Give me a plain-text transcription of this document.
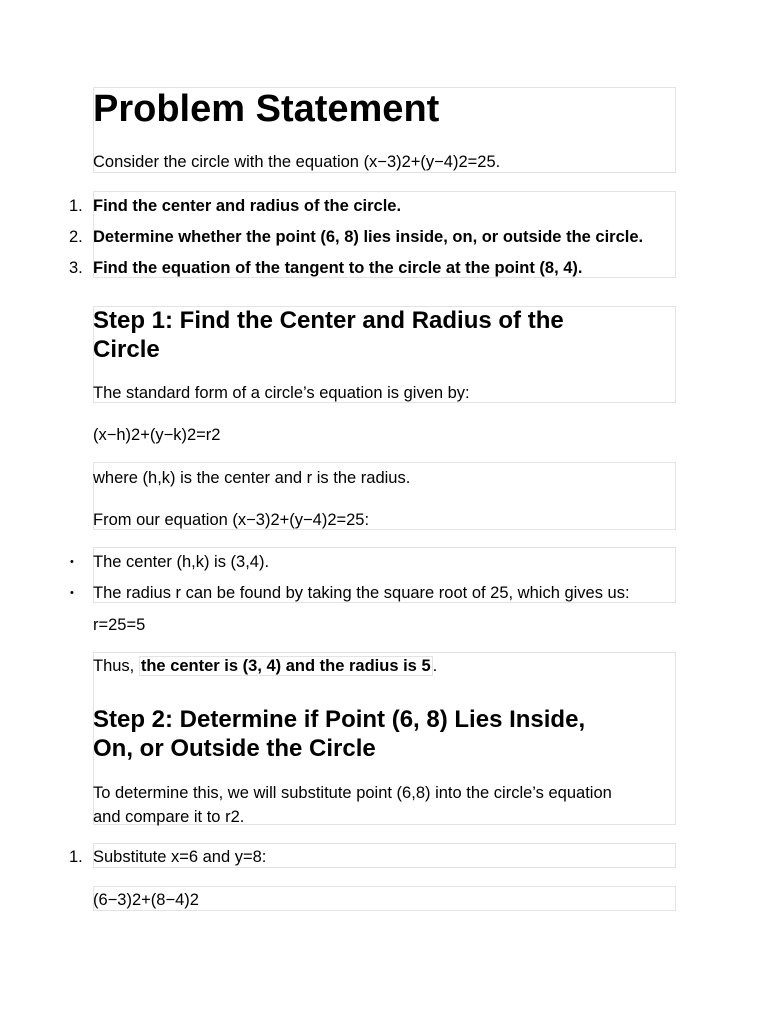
Problem Statement
Consider the circle with the equation (x−3)2+(y−4)2=25.
1. Find the center and radius of the circle.
2. Determine whether the point (6, 8) lies inside, on, or outside the circle.
3. Find the equation of the tangent to the circle at the point (8, 4).
Step 1: Find the Center and Radius of the
Circle
The standard form of a circle’s equation is given by:
(x−h)2+(y−k)2=r2
where (h,k) is the center and r is the radius.
From our equation (x−3)2+(y−4)2=25:
• The center (h,k) is (3,4).
• The radius r can be found by taking the square root of 25, which gives us:
r=25=5
Thus, the center is (3, 4) and the radius is 5 .
Step 2: Determine if Point (6, 8) Lies Inside,
On, or Outside the Circle
To determine this, we will substitute point (6,8) into the circle’s equation
and compare it to r2.
1. Substitute x=6 and y=8:
(6−3)2+(8−4)2
